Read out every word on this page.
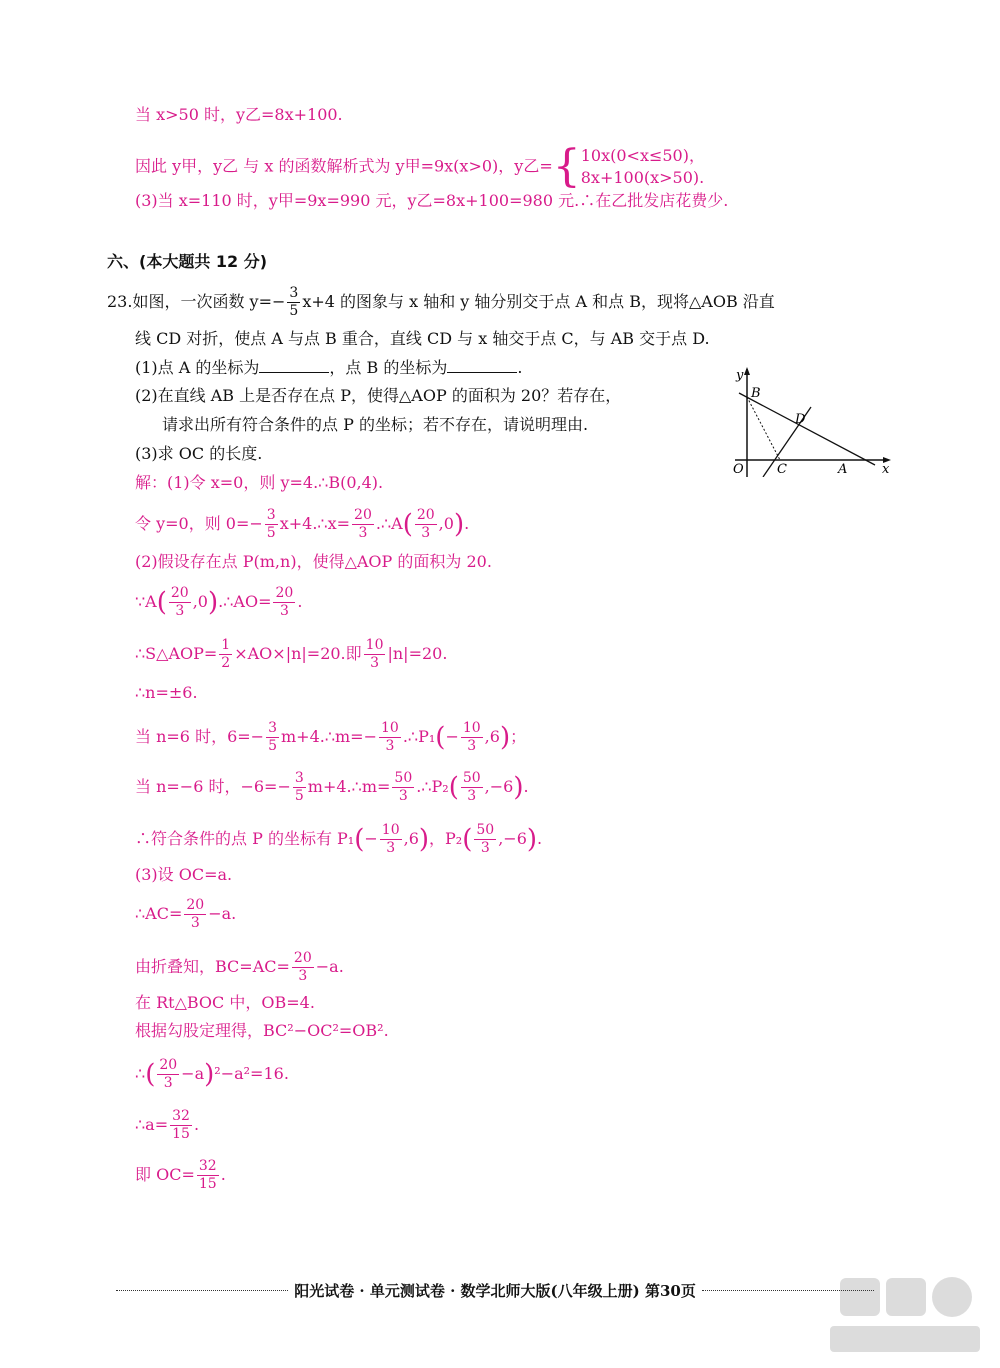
当 x>50 时，y乙=8x+100.
因此 y甲，y乙 与 x 的函数解析式为 y甲=9x(x>0)，y乙={ 10x(0<x≤50)，
8x+100(x>50).
(3)当 x=110 时，y甲=9x=990 元，y乙=8x+100=980 元.∴在乙批发店花费少.
六、(本大题共 12 分)
23.如图，一次函数 $y=- \frac{3}{5} x+4$ 的图象与 x 轴和 y 轴分别交于点 A 和点 B，现将△AOB 沿直
线 CD 对折，使点 A 与点 B 重合，直线 CD 与 x 轴交于点 C，与 AB 交于点 D.
(1)点 A 的坐标为	，点 B 的坐标为	.
(2)在直线 AB 上是否存在点 P，使得△AOP 的面积为 20？若存在，
请求出所有符合条件的点 P 的坐标；若不存在，请说明理由.
(3)求 OC 的长度.
y
B
D
O	C	A	x
解：(1)令 x=0，则 y=4.∴B(0,4).
令 y=0，则 $0=- \frac{3}{5}$ x+4.∴x= $\frac{20}{3}$ .∴A( $\frac{20}{3} ,0$).
(2)假设存在点 P(m,n)，使得△AOP 的面积为 20.
∵A( $\frac{20}{3}$ ,0).∴AO= $\frac{20}{3}$ .
∴S△AOP= $\frac{1}{2} \times AO\times|n|=20$.即 $\frac{10}{3} |n|=20$.
∴n=±6.
当 n=6 时，$6=- \frac{3}{5}$ m+4.∴m=− $\frac{10}{3}$ .∴P₁(− $\frac{10}{3} ,6$)；
当 n=−6 时，$-6=- \frac{3}{5}$ m+4.∴m= $\frac{50}{3}$ .∴P₂( $\frac{50}{3} ,-6$).
∴符合条件的点 P 的坐标有 $P_1(- \frac{10}{3} ,6)$，$P_2( \frac{50}{3} ,-6)$.
(3)设 OC=a.
∴AC= $\frac{20}{3} -a$.
由折叠知，$BC=AC= \frac{20}{3} -a$.
在 Rt△BOC 中，OB=4.
根据勾股定理得，BC²−OC²=OB².
∴( $\frac{20}{3} -a)^2-a^2=16$.
∴a= $\frac{32}{15}$ .
即 $OC= \frac{32}{15}$ .
阳光试卷 · 单元测试卷 · 数学北师大版(八年级上册) 第30页
